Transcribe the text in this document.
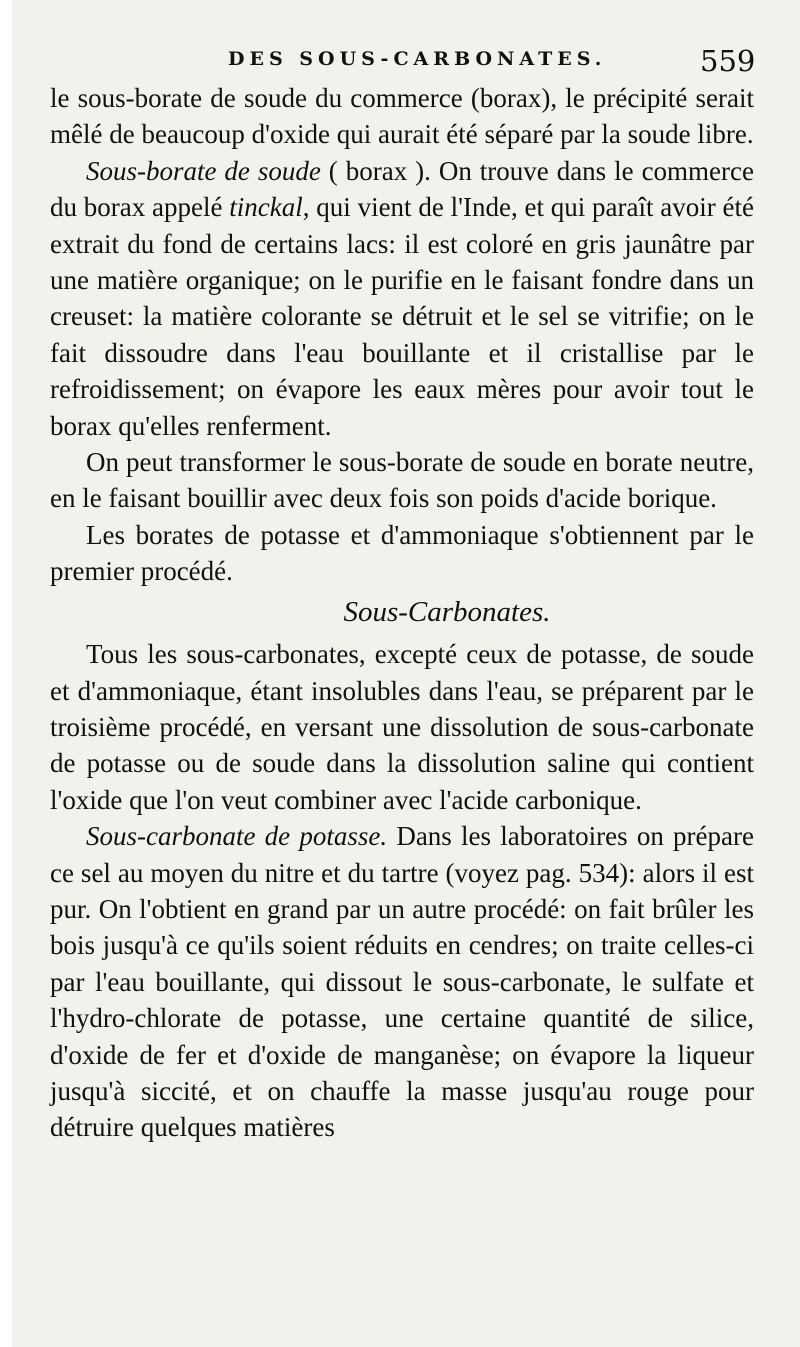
DES SOUS-CARBONATES.	559

le sous-borate de soude du commerce (borax), le précipité serait mêlé de beaucoup d'oxide qui aurait été séparé par la soude libre.

Sous-borate de soude ( borax ). On trouve dans le commerce du borax appelé tinckal, qui vient de l'Inde, et qui paraît avoir été extrait du fond de certains lacs: il est coloré en gris jaunâtre par une matière organique; on le purifie en le faisant fondre dans un creuset: la matière colorante se détruit et le sel se vitrifie; on le fait dissoudre dans l'eau bouillante et il cristallise par le refroidissement; on évapore les eaux mères pour avoir tout le borax qu'elles renferment.

On peut transformer le sous-borate de soude en borate neutre, en le faisant bouillir avec deux fois son poids d'acide borique.

Les borates de potasse et d'ammoniaque s'obtiennent par le premier procédé.

Sous-Carbonates.

Tous les sous-carbonates, excepté ceux de potasse, de soude et d'ammoniaque, étant insolubles dans l'eau, se préparent par le troisième procédé, en versant une dissolution de sous-carbonate de potasse ou de soude dans la dissolution saline qui contient l'oxide que l'on veut combiner avec l'acide carbonique.

Sous-carbonate de potasse. Dans les laboratoires on prépare ce sel au moyen du nitre et du tartre (voyez pag. 534): alors il est pur. On l'obtient en grand par un autre procédé: on fait brûler les bois jusqu'à ce qu'ils soient réduits en cendres; on traite celles-ci par l'eau bouillante, qui dissout le sous-carbonate, le sulfate et l'hydro-chlorate de potasse, une certaine quantité de silice, d'oxide de fer et d'oxide de manganèse; on évapore la liqueur jusqu'à siccité, et on chauffe la masse jusqu'au rouge pour détruire quelques matières
